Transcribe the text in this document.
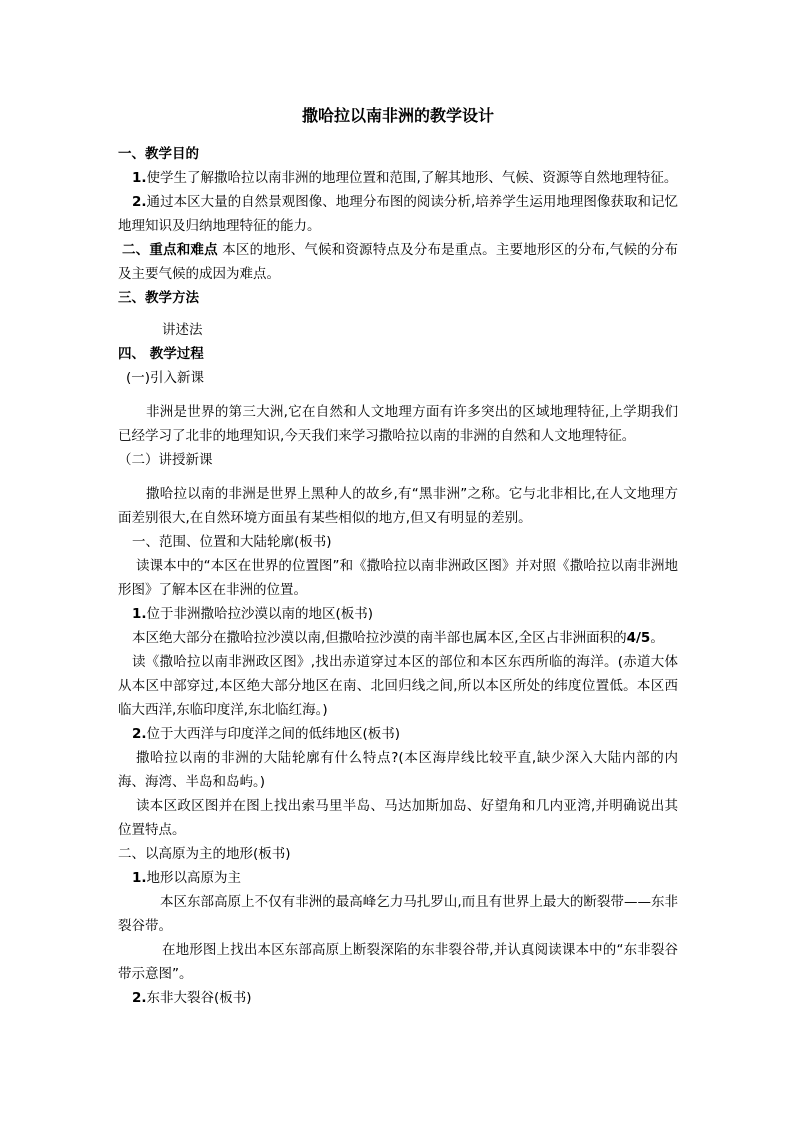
撒哈拉以南非洲的教学设计

一、教学目的

1.使学生了解撒哈拉以南非洲的地理位置和范围,了解其地形、气候、资源等自然地理特征。

2.通过本区大量的自然景观图像、地理分布图的阅读分析,培养学生运用地理图像获取和记忆地理知识及归纳地理特征的能力。

二、重点和难点 本区的地形、气候和资源特点及分布是重点。主要地形区的分布,气候的分布及主要气候的成因为难点。

三、教学方法

讲述法

四、 教学过程

(一)引入新课

非洲是世界的第三大洲,它在自然和人文地理方面有许多突出的区域地理特征,上学期我们已经学习了北非的地理知识,今天我们来学习撒哈拉以南的非洲的自然和人文地理特征。

（二）讲授新课

撒哈拉以南的非洲是世界上黑种人的故乡,有“黑非洲”之称。它与北非相比,在人文地理方面差别很大,在自然环境方面虽有某些相似的地方,但又有明显的差别。

一、范围、位置和大陆轮廓(板书)

读课本中的“本区在世界的位置图”和《撒哈拉以南非洲政区图》并对照《撒哈拉以南非洲地形图》了解本区在非洲的位置。

1.位于非洲撒哈拉沙漠以南的地区(板书)

本区绝大部分在撒哈拉沙漠以南,但撒哈拉沙漠的南半部也属本区,全区占非洲面积的4/5。

读《撒哈拉以南非洲政区图》,找出赤道穿过本区的部位和本区东西所临的海洋。(赤道大体从本区中部穿过,本区绝大部分地区在南、北回归线之间,所以本区所处的纬度位置低。本区西临大西洋,东临印度洋,东北临红海。)

2.位于大西洋与印度洋之间的低纬地区(板书)

撒哈拉以南的非洲的大陆轮廓有什么特点?(本区海岸线比较平直,缺少深入大陆内部的内海、海湾、半岛和岛屿。)

读本区政区图并在图上找出索马里半岛、马达加斯加岛、好望角和几内亚湾,并明确说出其位置特点。

二、以高原为主的地形(板书)

1.地形以高原为主

本区东部高原上不仅有非洲的最高峰乞力马扎罗山,而且有世界上最大的断裂带——东非裂谷带。

在地形图上找出本区东部高原上断裂深陷的东非裂谷带,并认真阅读课本中的“东非裂谷带示意图”。

2.东非大裂谷(板书)
